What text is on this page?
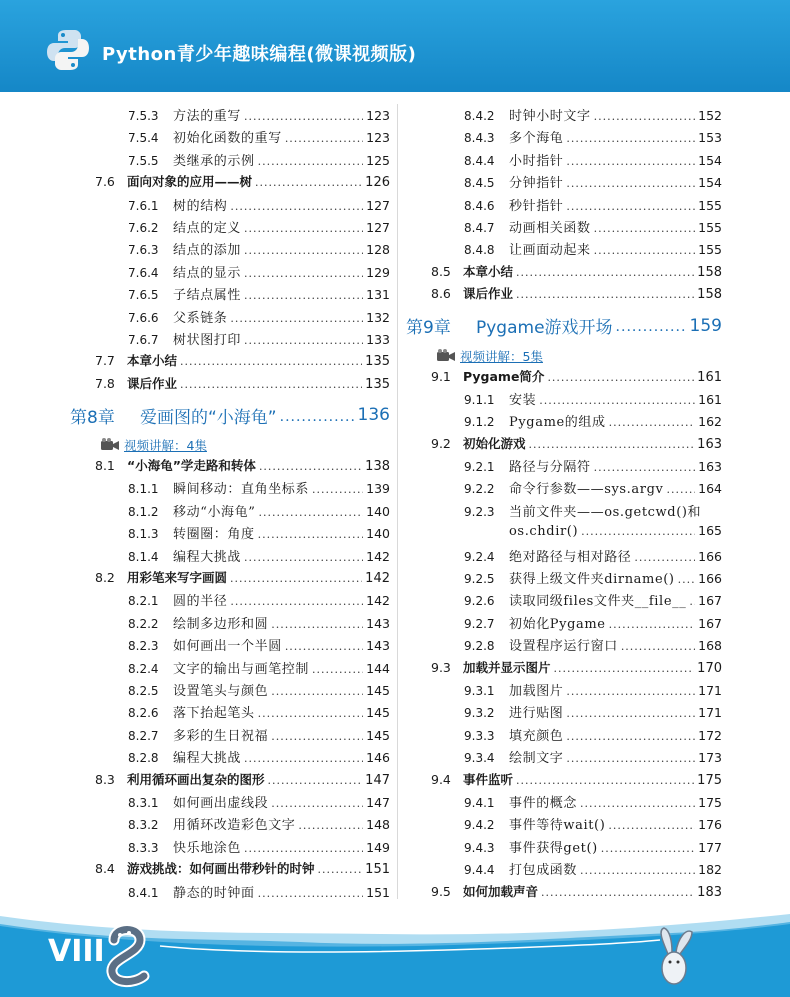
Python青少年趣味编程(微课视频版)
7.5.3	方法的重写 .....	123
7.5.4	初始化函数的重写 .....	123
7.5.5	类继承的示例 .....	125
7.6 面向对象的应用——树 .....	126
7.6.1	树的结构 .....	127
7.6.2	结点的定义 .....	127
7.6.3	结点的添加 .....	128
7.6.4	结点的显示 .....	129
7.6.5	子结点属性 .....	131
7.6.6	父系链条 .....	132
7.6.7	树状图打印 .....	133
7.7 本章小结 .....	135
7.8 课后作业 .....	135
第8章	爱画图的“小海龟” .....	136
视频讲解：4集
8.1 “小海龟”学走路和转体 .....	138
8.1.1	瞬间移动：直角坐标系 .....	139
8.1.2	移动“小海龟” .....	140
8.1.3	转圈圈：角度 .....	140
8.1.4	编程大挑战 .....	142
8.2 用彩笔来写字画圆 .....	142
8.2.1	圆的半径 .....	142
8.2.2	绘制多边形和圆 .....	143
8.2.3	如何画出一个半圆 .....	143
8.2.4	文字的输出与画笔控制 .....	144
8.2.5	设置笔头与颜色 .....	145
8.2.6	落下抬起笔头 .....	145
8.2.7	多彩的生日祝福 .....	145
8.2.8	编程大挑战 .....	146
8.3 利用循环画出复杂的图形 .....	147
8.3.1	如何画出虚线段 .....	147
8.3.2	用循环改造彩色文字 .....	148
8.3.3	快乐地涂色 .....	149
8.4 游戏挑战：如何画出带秒针的时钟 .....	151
8.4.1	静态的时钟面 .....	151
8.4.2	时钟小时文字 .....	152
8.4.3	多个海龟 .....	153
8.4.4	小时指针 .....	154
8.4.5	分钟指针 .....	154
8.4.6	秒针指针 .....	155
8.4.7	动画相关函数 .....	155
8.4.8	让画面动起来 .....	155
8.5 本章小结 .....	158
8.6 课后作业 .....	158
第9章	Pygame游戏开场 .....	159
视频讲解：5集
9.1 Pygame简介 .....	161
9.1.1	安装 .....	161
9.1.2	Pygame的组成 .....	162
9.2 初始化游戏 .....	163
9.2.1	路径与分隔符 .....	163
9.2.2	命令行参数——sys.argv .....	164
9.2.3	当前文件夹——os.getcwd()和
os.chdir() .....	165
9.2.4	绝对路径与相对路径 .....	166
9.2.5	获得上级文件夹dirname() ..... 166
9.2.6	读取同级files文件夹__file__ ..... 167
9.2.7	初始化Pygame .....	167
9.2.8	设置程序运行窗口 .....	168
9.3 加载并显示图片 .....	170
9.3.1	加载图片 .....	171
9.3.2	进行贴图 .....	171
9.3.3	填充颜色 .....	172
9.3.4	绘制文字 .....	173
9.4 事件监听 .....	175
9.4.1	事件的概念 .....	175
9.4.2	事件等待wait() .....	176
9.4.3	事件获得get() .....	177
9.4.4	打包成函数 .....	182
9.5 如何加载声音 .....	183
VIII
